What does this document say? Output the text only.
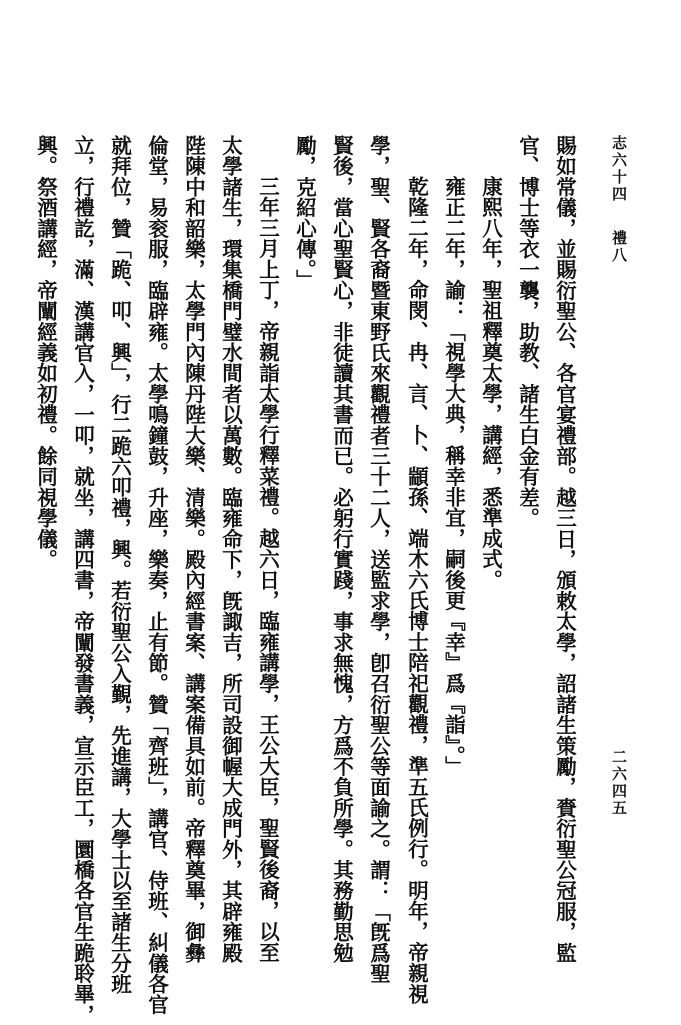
賜如常儀，並賜衍聖公、各官宴禮部。越三日，頒敕太學，詔諸生策勵，賚衍聖公冠服，監
官、博士等衣一襲，助教、諸生白金有差。
康熙八年，聖祖釋奠太學，講經，悉準成式。
雍正二年，諭：「視學大典，稱幸非宜，嗣後更『幸』爲『詣』。」
乾隆二年，命閔、冉、言、卜、顓孫、端木六氏博士陪祀觀禮，準五氏例行。明年，帝親視
學，聖、賢各裔暨東野氏來觀禮者三十二人，送監求學，卽召衍聖公等面諭之。謂：「旣爲聖
賢後，當心聖賢心，非徒讀其書而已。必躬行實踐，事求無愧，方爲不負所學。其務勤思勉
勵，克紹心傳。」
三年三月上丁，帝親詣太學行釋菜禮。越六日，臨雍講學，王公大臣，聖賢後裔，以至
太學諸生，環集橋門璧水間者以萬數。臨雍命下，旣諏吉，所司設御幄大成門外，其辟雍殿
陛陳中和韶樂，太學門內陳丹陛大樂、清樂。殿內經書案、講案備具如前。帝釋奠畢，御彝
倫堂，易衮服，臨辟雍。太學鳴鐘鼓，升座，樂奏，止有節。贊「齊班」，講官、侍班、糾儀各官
就拜位，贊「跪、叩、興」，行二跪六叩禮，興。若衍聖公入覲，先進講，大學士以至諸生分班
立，行禮訖，滿、漢講官入，一叩，就坐，講四書，帝闡發書義，宣示臣工，圜橋各官生跪聆畢，
興。祭酒講經，帝闡經義如初禮。餘同視學儀。
二六四五
志六十四
禮八
